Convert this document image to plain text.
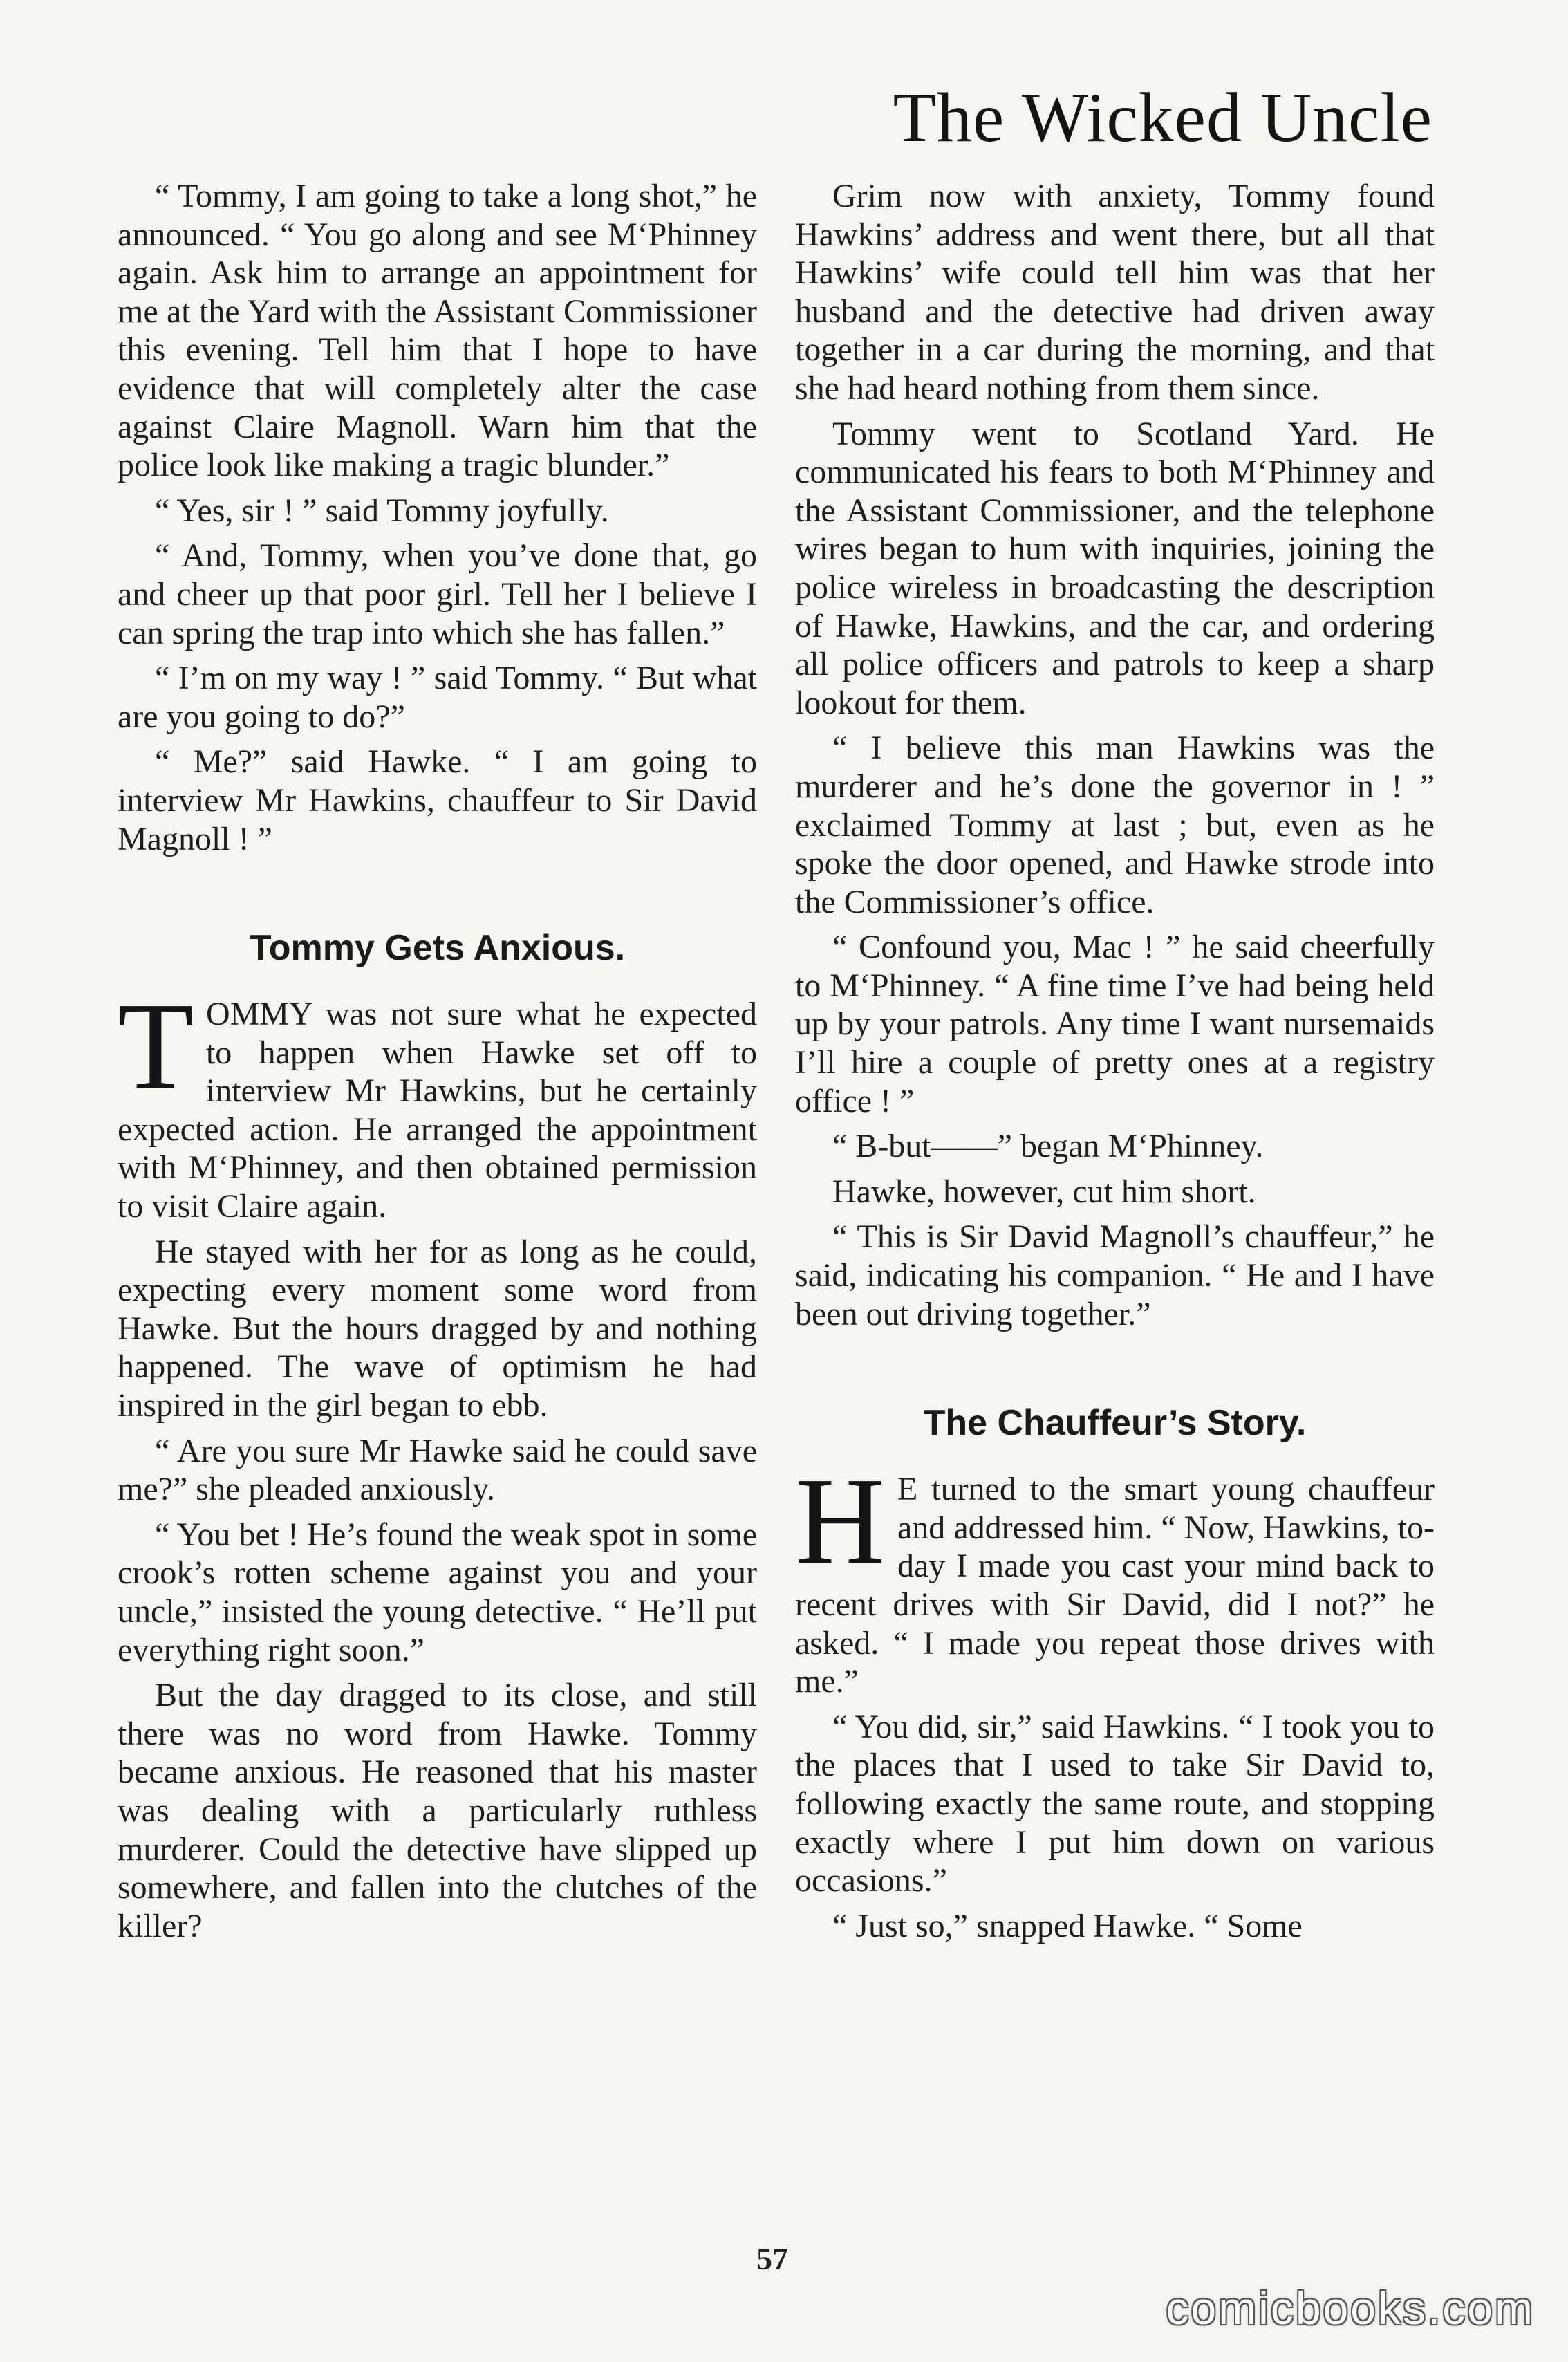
The Wicked Uncle

“ Tommy, I am going to take a long shot,” he announced. “ You go along and see M‘Phinney again. Ask him to arrange an appointment for me at the Yard with the Assistant Commissioner this evening. Tell him that I hope to have evidence that will completely alter the case against Claire Magnoll. Warn him that the police look like making a tragic blunder.”

“ Yes, sir ! ” said Tommy joyfully.

“ And, Tommy, when you’ve done that, go and cheer up that poor girl. Tell her I believe I can spring the trap into which she has fallen.”

“ I’m on my way ! ” said Tommy. “ But what are you going to do?”

“ Me?” said Hawke. “ I am going to interview Mr Hawkins, chauffeur to Sir David Magnoll ! ”

Tommy Gets Anxious.

T OMMY was not sure what he expected to happen when Hawke set off to interview Mr Hawkins, but he certainly expected action. He arranged the appointment with M‘Phinney, and then obtained permission to visit Claire again.

He stayed with her for as long as he could, expecting every moment some word from Hawke. But the hours dragged by and nothing happened. The wave of optimism he had inspired in the girl began to ebb.

“ Are you sure Mr Hawke said he could save me?” she pleaded anxiously.

“ You bet ! He’s found the weak spot in some crook’s rotten scheme against you and your uncle,” insisted the young detective. “ He’ll put everything right soon.”

But the day dragged to its close, and still there was no word from Hawke. Tommy became anxious. He reasoned that his master was dealing with a particularly ruthless murderer. Could the detective have slipped up somewhere, and fallen into the clutches of the killer?

Grim now with anxiety, Tommy found Hawkins’ address and went there, but all that Hawkins’ wife could tell him was that her husband and the detective had driven away together in a car during the morning, and that she had heard nothing from them since.

Tommy went to Scotland Yard. He communicated his fears to both M‘Phinney and the Assistant Commissioner, and the telephone wires began to hum with inquiries, joining the police wireless in broadcasting the description of Hawke, Hawkins, and the car, and ordering all police officers and patrols to keep a sharp lookout for them.

“ I believe this man Hawkins was the murderer and he’s done the governor in ! ” exclaimed Tommy at last ; but, even as he spoke the door opened, and Hawke strode into the Commissioner’s office.

“ Confound you, Mac ! ” he said cheerfully to M‘Phinney. “ A fine time I’ve had being held up by your patrols. Any time I want nursemaids I’ll hire a couple of pretty ones at a registry office ! ”

“ B-but——” began M‘Phinney.

Hawke, however, cut him short.

“ This is Sir David Magnoll’s chauffeur,” he said, indicating his companion. “ He and I have been out driving together.”

The Chauffeur’s Story.

H E turned to the smart young chauffeur and addressed him. “ Now, Hawkins, to-day I made you cast your mind back to recent drives with Sir David, did I not?” he asked. “ I made you repeat those drives with me.”

“ You did, sir,” said Hawkins. “ I took you to the places that I used to take Sir David to, following exactly the same route, and stopping exactly where I put him down on various occasions.”

“ Just so,” snapped Hawke. “ Some

57
comicbooks.com
